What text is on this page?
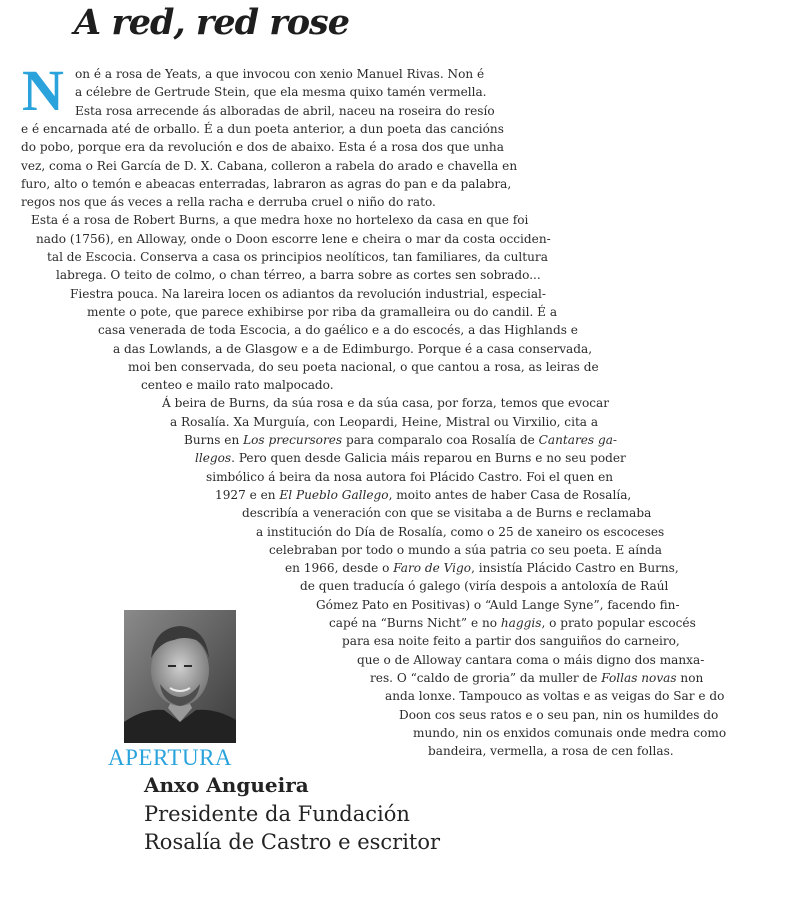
A red, red rose
N on é a rosa de Yeats, a que invocou con xenio Manuel Rivas. Non é
a célebre de Gertrude Stein, que ela mesma quixo tamén vermella.
Esta rosa arrecende ás alboradas de abril, naceu na roseira do resío
e é encarnada até de orballo. É a dun poeta anterior, a dun poeta das cancións
do pobo, porque era da revolución e dos de abaixo. Esta é a rosa dos que unha
vez, coma o Rei García de D. X. Cabana, colleron a rabela do arado e chavella en
furo, alto o temón e abeacas enterradas, labraron as agras do pan e da palabra,
regos nos que ás veces a rella racha e derruba cruel o niño do rato.
Esta é a rosa de Robert Burns, a que medra hoxe no hortelexo da casa en que foi
nado (1756), en Alloway, onde o Doon escorre lene e cheira o mar da costa occiden-
tal de Escocia. Conserva a casa os principios neolíticos, tan familiares, da cultura
labrega. O teito de colmo, o chan térreo, a barra sobre as cortes sen sobrado...
Fiestra pouca. Na lareira locen os adiantos da revolución industrial, especial-
mente o pote, que parece exhibirse por riba da gramalleira ou do candil. É a
casa venerada de toda Escocia, a do gaélico e a do escocés, a das Highlands e
a das Lowlands, a de Glasgow e a de Edimburgo. Porque é a casa conservada,
moi ben conservada, do seu poeta nacional, o que cantou a rosa, as leiras de
centeo e mailo rato malpocado.
Á beira de Burns, da súa rosa e da súa casa, por forza, temos que evocar
a Rosalía. Xa Murguía, con Leopardi, Heine, Mistral ou Virxilio, cita a
Burns en Los precursores para comparalo coa Rosalía de Cantares ga-
llegos. Pero quen desde Galicia máis reparou en Burns e no seu poder
simbólico á beira da nosa autora foi Plácido Castro. Foi el quen en
1927 e en El Pueblo Gallego, moito antes de haber Casa de Rosalía,
describía a veneración con que se visitaba a de Burns e reclamaba
a institución do Día de Rosalía, como o 25 de xaneiro os escoceses
celebraban por todo o mundo a súa patria co seu poeta. E aínda
en 1966, desde o Faro de Vigo, insistía Plácido Castro en Burns,
de quen traducía ó galego (viría despois a antoloxía de Raúl
Gómez Pato en Positivas) o “Auld Lange Syne”, facendo fin-
capé na “Burns Nicht” e no haggis, o prato popular escocés
para esa noite feito a partir dos sanguiños do carneiro,
que o de Alloway cantara coma o máis digno dos manxa-
res. O “caldo de groria” da muller de Follas novas non
anda lonxe. Tampouco as voltas e as veigas do Sar e do
Doon cos seus ratos e o seu pan, nin os humildes do
mundo, nin os enxidos comunais onde medra como
bandeira, vermella, a rosa de cen follas.
APERTURA
Anxo Angueira
Presidente da Fundación
Rosalía de Castro e escritor
